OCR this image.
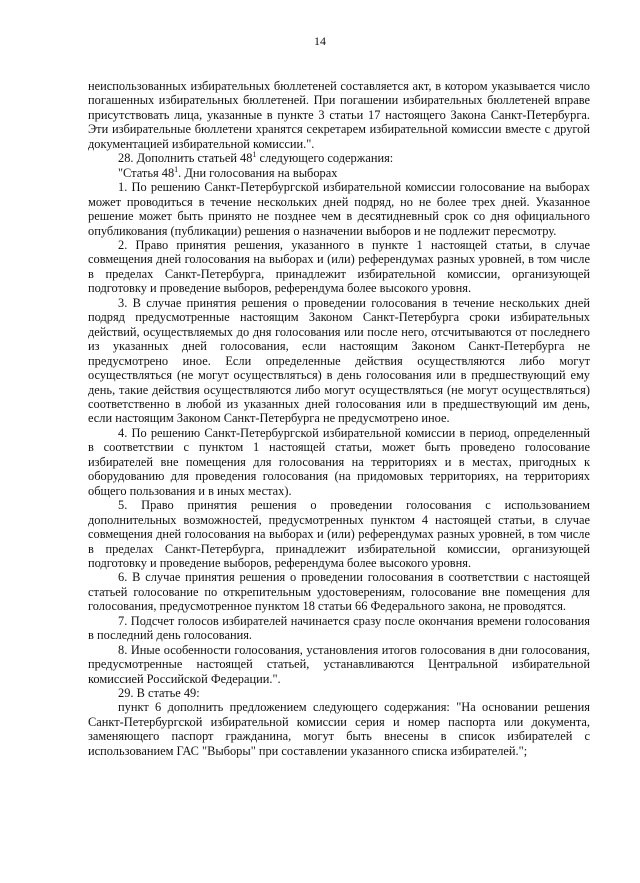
14

неиспользованных избирательных бюллетеней составляется акт, в котором указывается число погашенных избирательных бюллетеней. При погашении избирательных бюллетеней вправе присутствовать лица, указанные в пункте 3 статьи 17 настоящего Закона Санкт-Петербурга. Эти избирательные бюллетени хранятся секретарем избирательной комиссии вместе с другой документацией избирательной комиссии.".

28. Дополнить статьей $48^1$ следующего содержания:

"Статья $48^1$. Дни голосования на выборах

1. По решению Санкт-Петербургской избирательной комиссии голосование на выборах может проводиться в течение нескольких дней подряд, но не более трех дней. Указанное решение может быть принято не позднее чем в десятидневный срок со дня официального опубликования (публикации) решения о назначении выборов и не подлежит пересмотру.

2. Право принятия решения, указанного в пункте 1 настоящей статьи, в случае совмещения дней голосования на выборах и (или) референдумах разных уровней, в том числе в пределах Санкт-Петербурга, принадлежит избирательной комиссии, организующей подготовку и проведение выборов, референдума более высокого уровня.

3. В случае принятия решения о проведении голосования в течение нескольких дней подряд предусмотренные настоящим Законом Санкт-Петербурга сроки избирательных действий, осуществляемых до дня голосования или после него, отсчитываются от последнего из указанных дней голосования, если настоящим Законом Санкт-Петербурга не предусмотрено иное. Если определенные действия осуществляются либо могут осуществляться (не могут осуществляться) в день голосования или в предшествующий ему день, такие действия осуществляются либо могут осуществляться (не могут осуществляться) соответственно в любой из указанных дней голосования или в предшествующий им день, если настоящим Законом Санкт-Петербурга не предусмотрено иное.

4. По решению Санкт-Петербургской избирательной комиссии в период, определенный в соответствии с пунктом 1 настоящей статьи, может быть проведено голосование избирателей вне помещения для голосования на территориях и в местах, пригодных к оборудованию для проведения голосования (на придомовых территориях, на территориях общего пользования и в иных местах).

5. Право принятия решения о проведении голосования с использованием дополнительных возможностей, предусмотренных пунктом 4 настоящей статьи, в случае совмещения дней голосования на выборах и (или) референдумах разных уровней, в том числе в пределах Санкт-Петербурга, принадлежит избирательной комиссии, организующей подготовку и проведение выборов, референдума более высокого уровня.

6. В случае принятия решения о проведении голосования в соответствии с настоящей статьей голосование по открепительным удостоверениям, голосование вне помещения для голосования, предусмотренное пунктом 18 статьи 66 Федерального закона, не проводятся.

7. Подсчет голосов избирателей начинается сразу после окончания времени голосования в последний день голосования.

8. Иные особенности голосования, установления итогов голосования в дни голосования, предусмотренные настоящей статьей, устанавливаются Центральной избирательной комиссией Российской Федерации.".

29. В статье 49:

пункт 6 дополнить предложением следующего содержания: "На основании решения Санкт-Петербургской избирательной комиссии серия и номер паспорта или документа, заменяющего паспорт гражданина, могут быть внесены в список избирателей с использованием ГАС "Выборы" при составлении указанного списка избирателей.";
